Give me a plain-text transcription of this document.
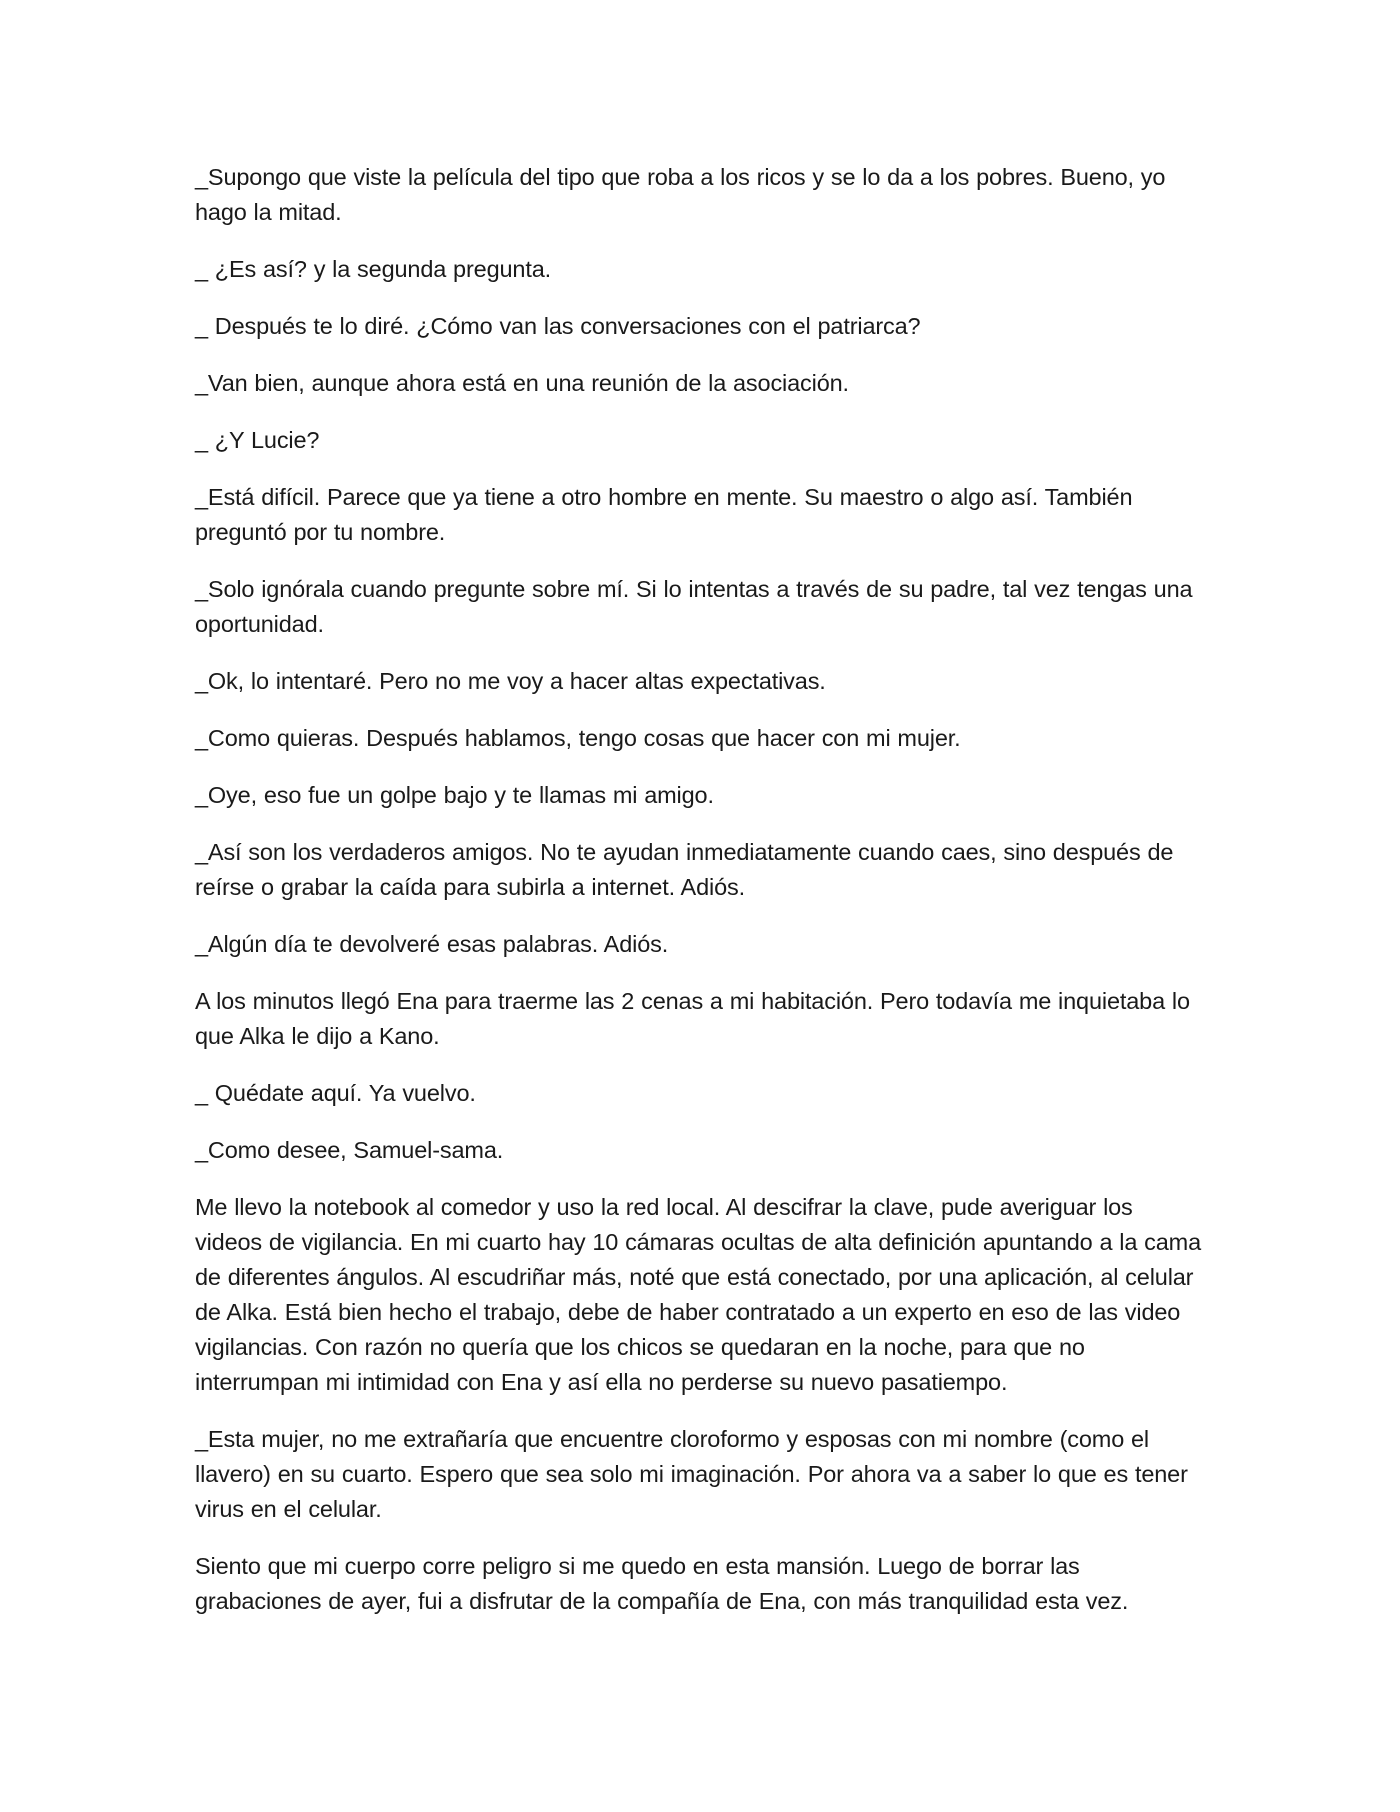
_Supongo que viste la película del tipo que roba a los ricos y se lo da a los pobres. Bueno, yo hago la mitad.

_ ¿Es así? y la segunda pregunta.

_ Después te lo diré. ¿Cómo van las conversaciones con el patriarca?

_Van bien, aunque ahora está en una reunión de la asociación.

_ ¿Y Lucie?

_Está difícil. Parece que ya tiene a otro hombre en mente. Su maestro o algo así. También preguntó por tu nombre.

_Solo ignórala cuando pregunte sobre mí. Si lo intentas a través de su padre, tal vez tengas una oportunidad.

_Ok, lo intentaré. Pero no me voy a hacer altas expectativas.

_Como quieras. Después hablamos, tengo cosas que hacer con mi mujer.

_Oye, eso fue un golpe bajo y te llamas mi amigo.

_Así son los verdaderos amigos. No te ayudan inmediatamente cuando caes, sino después de reírse o grabar la caída para subirla a internet. Adiós.

_Algún día te devolveré esas palabras. Adiós.

A los minutos llegó Ena para traerme las 2 cenas a mi habitación. Pero todavía me inquietaba lo que Alka le dijo a Kano.

_ Quédate aquí. Ya vuelvo.

_Como desee, Samuel-sama.

Me llevo la notebook al comedor y uso la red local. Al descifrar la clave, pude averiguar los videos de vigilancia. En mi cuarto hay 10 cámaras ocultas de alta definición apuntando a la cama de diferentes ángulos. Al escudriñar más, noté que está conectado, por una aplicación, al celular de Alka. Está bien hecho el trabajo, debe de haber contratado a un experto en eso de las video vigilancias. Con razón no quería que los chicos se quedaran en la noche, para que no interrumpan mi intimidad con Ena y así ella no perderse su nuevo pasatiempo.

_Esta mujer, no me extrañaría que encuentre cloroformo y esposas con mi nombre (como el llavero) en su cuarto. Espero que sea solo mi imaginación. Por ahora va a saber lo que es tener virus en el celular.

Siento que mi cuerpo corre peligro si me quedo en esta mansión. Luego de borrar las grabaciones de ayer, fui a disfrutar de la compañía de Ena, con más tranquilidad esta vez.
